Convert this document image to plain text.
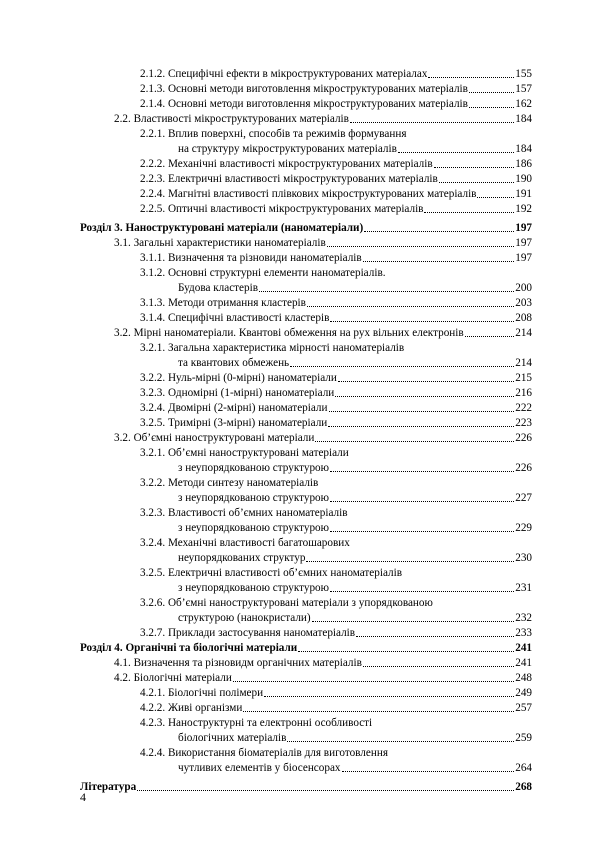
2.1.2. Специфічні ефекти в мікроструктурованих матеріалах	155
2.1.3. Основні методи виготовлення мікроструктурованих матеріалів	157
2.1.4. Основні методи виготовлення мікроструктурованих матеріалів	162
2.2. Властивості мікроструктурованих матеріалів	184
2.2.1. Вплив поверхні, способів та режимів формування
на структуру мікроструктурованих матеріалів	184
2.2.2. Механічні властивості мікроструктурованих матеріалів	186
2.2.3. Електричні властивості мікроструктурованих матеріалів	190
2.2.4. Магнітні властивості плівкових мікроструктурованих матеріалів	191
2.2.5. Оптичні властивості мікроструктурованих матеріалів	192
Розділ 3. Наноструктуровані матеріали (наноматеріали)	197
3.1. Загальні характеристики наноматеріалів	197
3.1.1. Визначення та різновиди наноматеріалів	197
3.1.2. Основні структурні елементи наноматеріалів.
Будова кластерів	200
3.1.3. Методи отримання кластерів	203
3.1.4. Специфічні властивості кластерів	208
3.2. Мірні наноматеріали. Квантові обмеження на рух вільних електронів	214
3.2.1. Загальна характеристика мірності наноматеріалів
та квантових обмежень	214
3.2.2. Нуль-мірні (0-мірні) наноматеріали	215
3.2.3. Одномірні (1-мірні) наноматеріали	216
3.2.4. Двомірні (2-мірні) наноматеріали	222
3.2.5. Тримірні (3-мірні) наноматеріали	223
3.2. Об’ємні наноструктуровані матеріали	226
3.2.1. Об’ємні наноструктуровані матеріали
з неупорядкованою структурою	226
3.2.2. Методи синтезу наноматеріалів
з неупорядкованою структурою	227
3.2.3. Властивості об’ємних наноматеріалів
з неупорядкованою структурою	229
3.2.4. Механічні властивості багатошарових
неупорядкованих структур	230
3.2.5. Електричні властивості об’ємних наноматеріалів
з неупорядкованою структурою	231
3.2.6. Об’ємні наноструктуровані матеріали з упорядкованою
структурою (нанокристали)	232
3.2.7. Приклади застосування наноматеріалів	233
Розділ 4. Органічні та біологічні матеріали	241
4.1. Визначення та різновидм органічних матеріалів	241
4.2. Біологічні матеріали	248
4.2.1. Біологічні полімери	249
4.2.2. Живі організми	257
4.2.3. Наноструктурні та електронні особливості
біологічних матеріалів	259
4.2.4. Використання біоматеріалів для виготовлення
чутливих елементів у біосенсорах	264
Література	268
4
